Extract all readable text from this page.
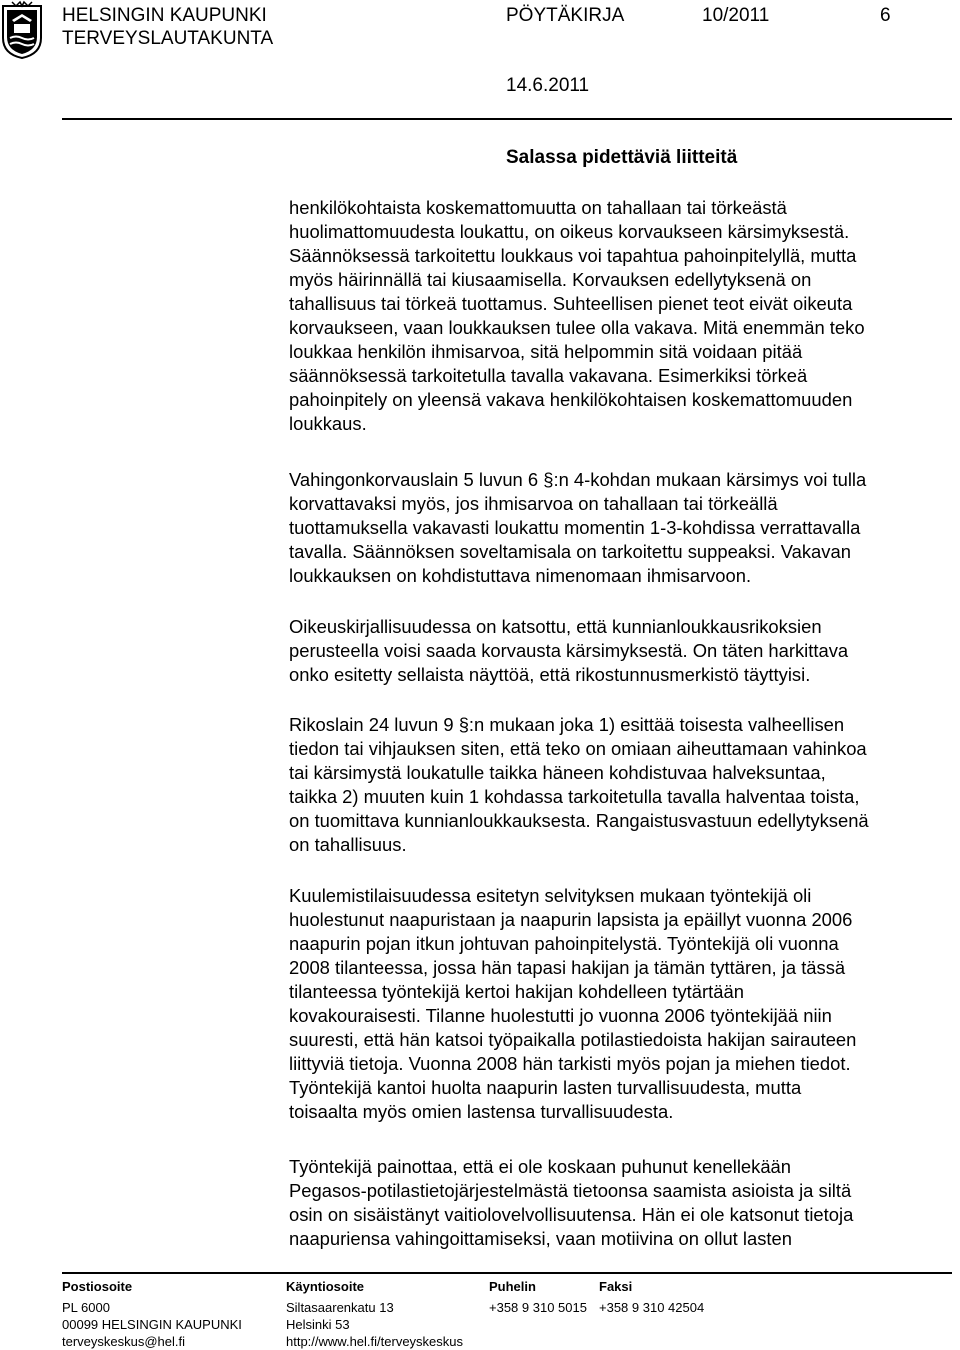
HELSINGIN KAUPUNKI
TERVEYSLAUTAKUNTA
PÖYTÄKIRJA	10/2011	6
14.6.2011
Salassa pidettäviä liitteitä

henkilökohtaista koskemattomuutta on tahallaan tai törkeästä

huolimattomuudesta loukattu, on oikeus korvaukseen kärsimyksestä.

Säännöksessä tarkoitettu loukkaus voi tapahtua pahoinpitelyllä, mutta

myös häirinnällä tai kiusaamisella. Korvauksen edellytyksenä on

tahallisuus tai törkeä tuottamus. Suhteellisen pienet teot eivät oikeuta

korvaukseen, vaan loukkauksen tulee olla vakava. Mitä enemmän teko

loukkaa henkilön ihmisarvoa, sitä helpommin sitä voidaan pitää

säännöksessä tarkoitetulla tavalla vakavana. Esimerkiksi törkeä

pahoinpitely on yleensä vakava henkilökohtaisen koskemattomuuden

loukkaus.

Vahingonkorvauslain 5 luvun 6 §:n 4-kohdan mukaan kärsimys voi tulla

korvattavaksi myös, jos ihmisarvoa on tahallaan tai törkeällä

tuottamuksella vakavasti loukattu momentin 1-3-kohdissa verrattavalla

tavalla. Säännöksen soveltamisala on tarkoitettu suppeaksi. Vakavan

loukkauksen on kohdistuttava nimenomaan ihmisarvoon.

Oikeuskirjallisuudessa on katsottu, että kunnianloukkausrikoksien

perusteella voisi saada korvausta kärsimyksestä. On täten harkittava

onko esitetty sellaista näyttöä, että rikostunnusmerkistö täyttyisi.

Rikoslain 24 luvun 9 §:n mukaan joka 1) esittää toisesta valheellisen

tiedon tai vihjauksen siten, että teko on omiaan aiheuttamaan vahinkoa

tai kärsimystä loukatulle taikka häneen kohdistuvaa halveksuntaa,

taikka 2) muuten kuin 1 kohdassa tarkoitetulla tavalla halventaa toista,

on tuomittava kunnianloukkauksesta. Rangaistusvastuun edellytyksenä

on tahallisuus.

Kuulemistilaisuudessa esitetyn selvityksen mukaan työntekijä oli

huolestunut naapuristaan ja naapurin lapsista ja epäillyt vuonna 2006

naapurin pojan itkun johtuvan pahoinpitelystä. Työntekijä oli vuonna

2008 tilanteessa, jossa hän tapasi hakijan ja tämän tyttären, ja tässä

tilanteessa työntekijä kertoi hakijan kohdelleen tytärtään

kovakouraisesti. Tilanne huolestutti jo vuonna 2006 työntekijää niin

suuresti, että hän katsoi työpaikalla potilastiedoista hakijan sairauteen

liittyviä tietoja. Vuonna 2008 hän tarkisti myös pojan ja miehen tiedot.

Työntekijä kantoi huolta naapurin lasten turvallisuudesta, mutta

toisaalta myös omien lastensa turvallisuudesta.

Työntekijä painottaa, että ei ole koskaan puhunut kenellekään

Pegasos-potilastietojärjestelmästä tietoonsa saamista asioista ja siltä

osin on sisäistänyt vaitiolovelvollisuutensa. Hän ei ole katsonut tietoja

naapuriensa vahingoittamiseksi, vaan motiivina on ollut lasten

Postiosoite
PL 6000
00099 HELSINGIN KAUPUNKI
terveyskeskus@hel.fi
Käyntiosoite
Siltasaarenkatu 13
Helsinki 53
http://www.hel.fi/terveyskeskus
Puhelin
+358 9 310 5015
Faksi
+358 9 310 42504
